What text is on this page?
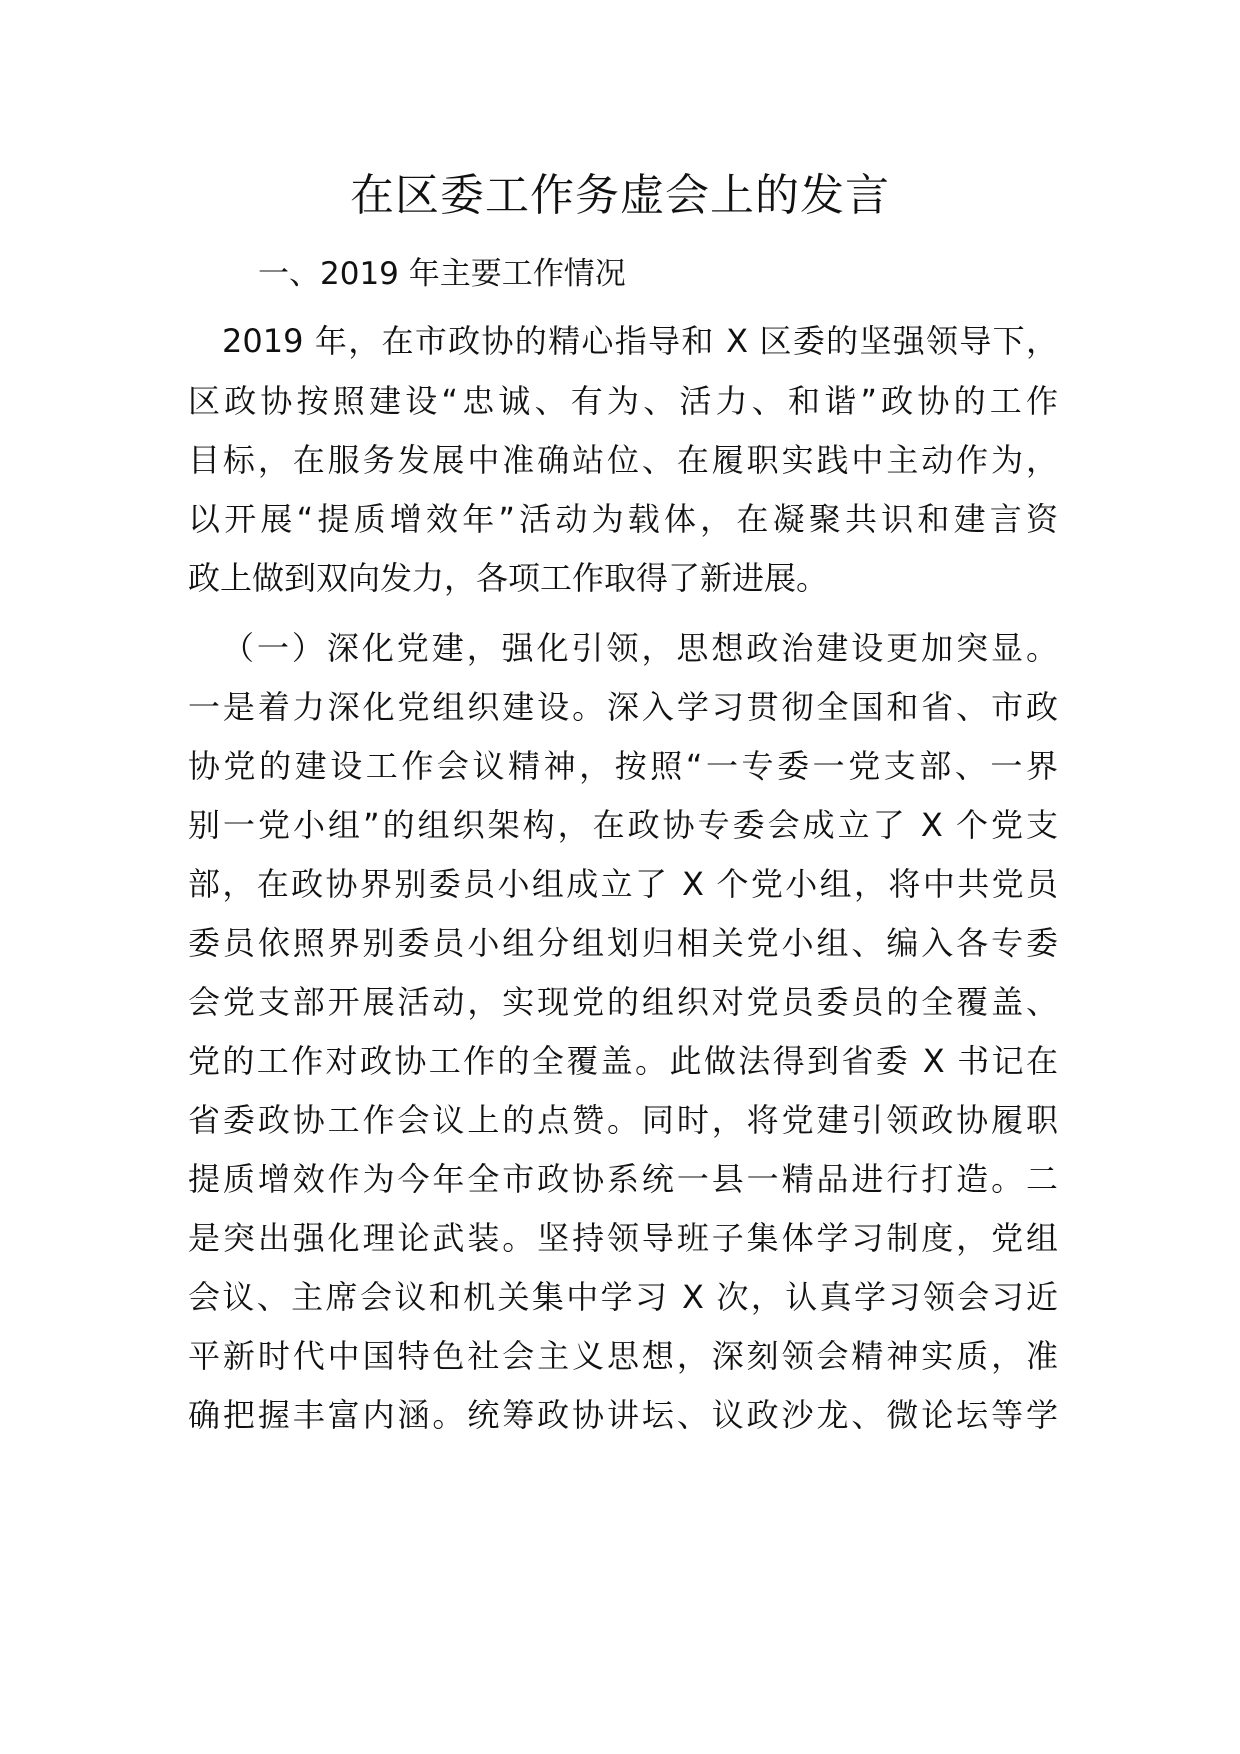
在区委工作务虚会上的发言
一、2019 年主要工作情况
2019 年，在市政协的精心指导和 X 区委的坚强领导下，
区政协按照建设“忠诚、有为、活力、和谐”政协的工作
目标，在服务发展中准确站位、在履职实践中主动作为，
以开展“提质增效年”活动为载体，在凝聚共识和建言资
政上做到双向发力，各项工作取得了新进展。
（一）深化党建，强化引领，思想政治建设更加突显。
一是着力深化党组织建设。深入学习贯彻全国和省、市政
协党的建设工作会议精神，按照“一专委一党支部、一界
别一党小组”的组织架构，在政协专委会成立了 X 个党支
部，在政协界别委员小组成立了 X 个党小组，将中共党员
委员依照界别委员小组分组划归相关党小组、编入各专委
会党支部开展活动，实现党的组织对党员委员的全覆盖、
党的工作对政协工作的全覆盖。此做法得到省委 X 书记在
省委政协工作会议上的点赞。同时，将党建引领政协履职
提质增效作为今年全市政协系统一县一精品进行打造。二
是突出强化理论武装。坚持领导班子集体学习制度，党组
会议、主席会议和机关集中学习 X 次，认真学习领会习近
平新时代中国特色社会主义思想，深刻领会精神实质，准
确把握丰富内涵。统筹政协讲坛、议政沙龙、微论坛等学
